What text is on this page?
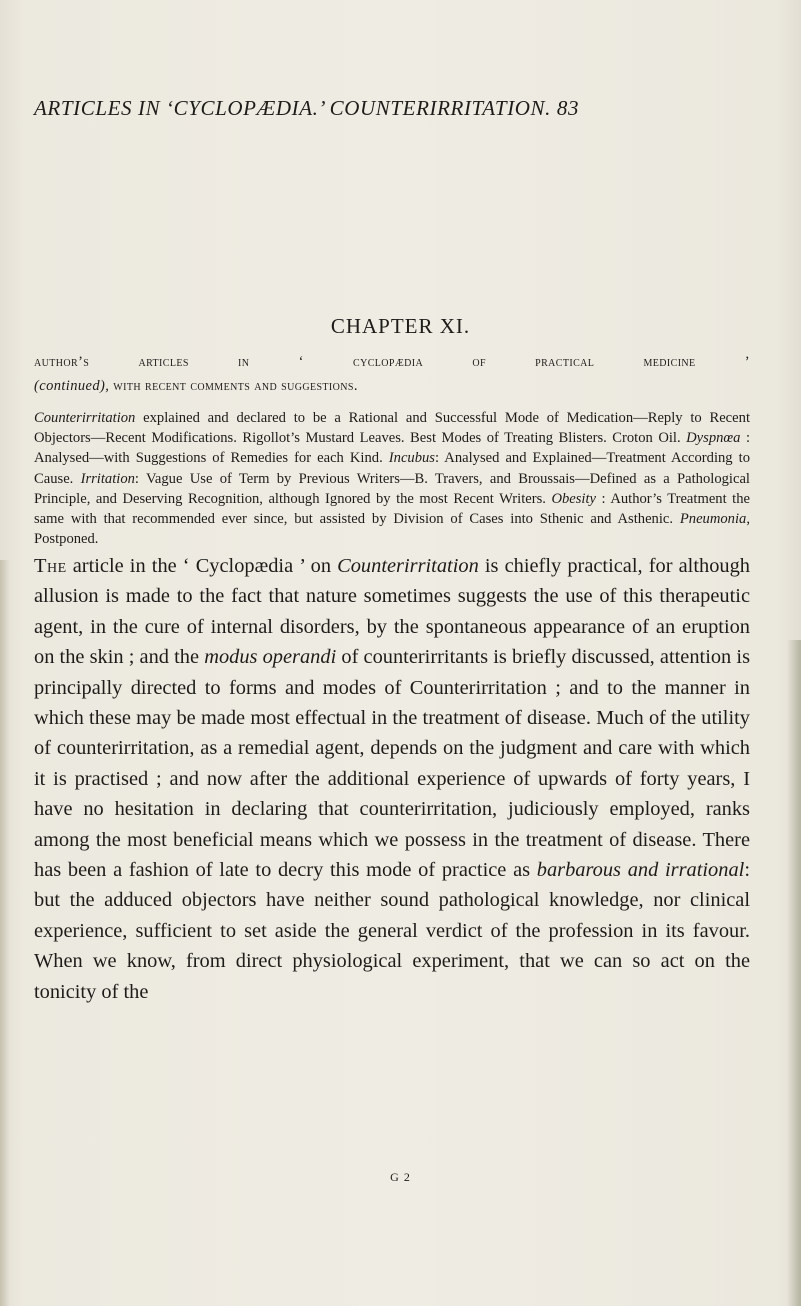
ARTICLES IN ‘CYCLOPÆDIA.’ COUNTERIRRITATION. 83
CHAPTER XI.
author’s articles in ‘ cyclopædia of practical medicine ’
(continued), with recent comments and suggestions.
Counterirritation explained and declared to be a Rational and Successful Mode of Medication—Reply to Recent Objectors—Recent Modifications. Rigollot’s Mustard Leaves. Best Modes of Treating Blisters. Croton Oil. Dyspnœa : Analysed—with Suggestions of Remedies for each Kind. Incubus: Analysed and Explained—Treatment According to Cause. Irritation: Vague Use of Term by Previous Writers—B. Travers, and Broussais—Defined as a Pathological Principle, and Deserving Recognition, although Ignored by the most Recent Writers. Obesity : Author’s Treatment the same with that recommended ever since, but assisted by Division of Cases into Sthenic and Asthenic. Pneumonia, Postponed.
The article in the ‘ Cyclopædia ’ on Counterirritation is chiefly practical, for although allusion is made to the fact that nature sometimes suggests the use of this therapeutic agent, in the cure of internal disorders, by the spontaneous appearance of an eruption on the skin ; and the modus operandi of counterirritants is briefly discussed, attention is principally directed to forms and modes of Counterirritation ; and to the manner in which these may be made most effectual in the treatment of disease. Much of the utility of counterirritation, as a remedial agent, depends on the judgment and care with which it is practised ; and now after the additional experience of upwards of forty years, I have no hesitation in declaring that counterirritation, judiciously employed, ranks among the most beneficial means which we possess in the treatment of disease. There has been a fashion of late to decry this mode of practice as barbarous and irrational: but the adduced objectors have neither sound pathological knowledge, nor clinical experience, sufficient to set aside the general verdict of the profession in its favour. When we know, from direct physiological experiment, that we can so act on the tonicity of the
G 2
